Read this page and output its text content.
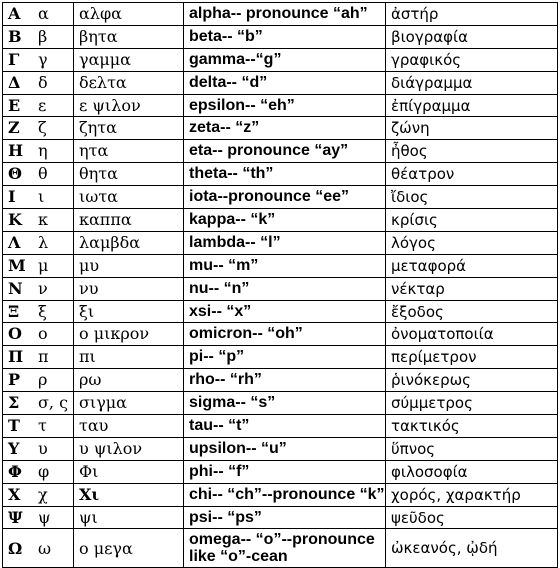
Α α	αλφα	alpha-- pronounce “ah”	ἀστήρ
Β β	βητα	beta-- “b”	βιογραφία
Γ γ	γαμμα	gamma--“g”	γραφικός
Δ δ	δελτα	delta-- “d”	διάγραμμα
Ε ε	ε ψιλον	epsilon-- “eh”	ἐπίγραμμα
Ζ ζ	ζητα	zeta-- “z”	ζώνη
Η η	ητα	eta-- pronounce “ay”	ἦθος
Θ θ	θητα	theta-- “th”	θέατρον
Ι ι	ιωτα	iota--pronounce “ee”	ἴδιος
Κ κ	καππα	kappa-- “k”	κρίσις
Λ λ	λαμβδα	lambda-- “l”	λόγος
Μ μ	μυ	mu-- “m”	μεταφορά
Ν ν	νυ	nu-- “n”	νέκταρ
Ξ ξ	ξι	xsi-- “x”	ἔξοδος
Ο ο	ο μικρον	omicron-- “oh”	ὀνοματοποιία
Π π	πι	pi-- “p”	περίμετρον
Ρ ρ	ρω	rho-- “rh”	ῥινόκερως
Σ σ, ς	σιγμα	sigma-- “s”	σύμμετρος
Τ τ	ταυ	tau-- “t”	τακτικός
Υ υ	υ ψιλον	upsilon-- “u”	ὕπνος
Φ φ	Φι	phi-- “f”	φιλοσοφία
Χ χ	Χι	chi-- “ch”--pronounce “k”	χορός, χαρακτήρ
Ψ ψ	ψι	psi-- “ps”	ψεῦδος
Ω ω	ο μεγα	omega-- “o”--pronounce like “o”-cean	ὠκεανός, ᾠδή
